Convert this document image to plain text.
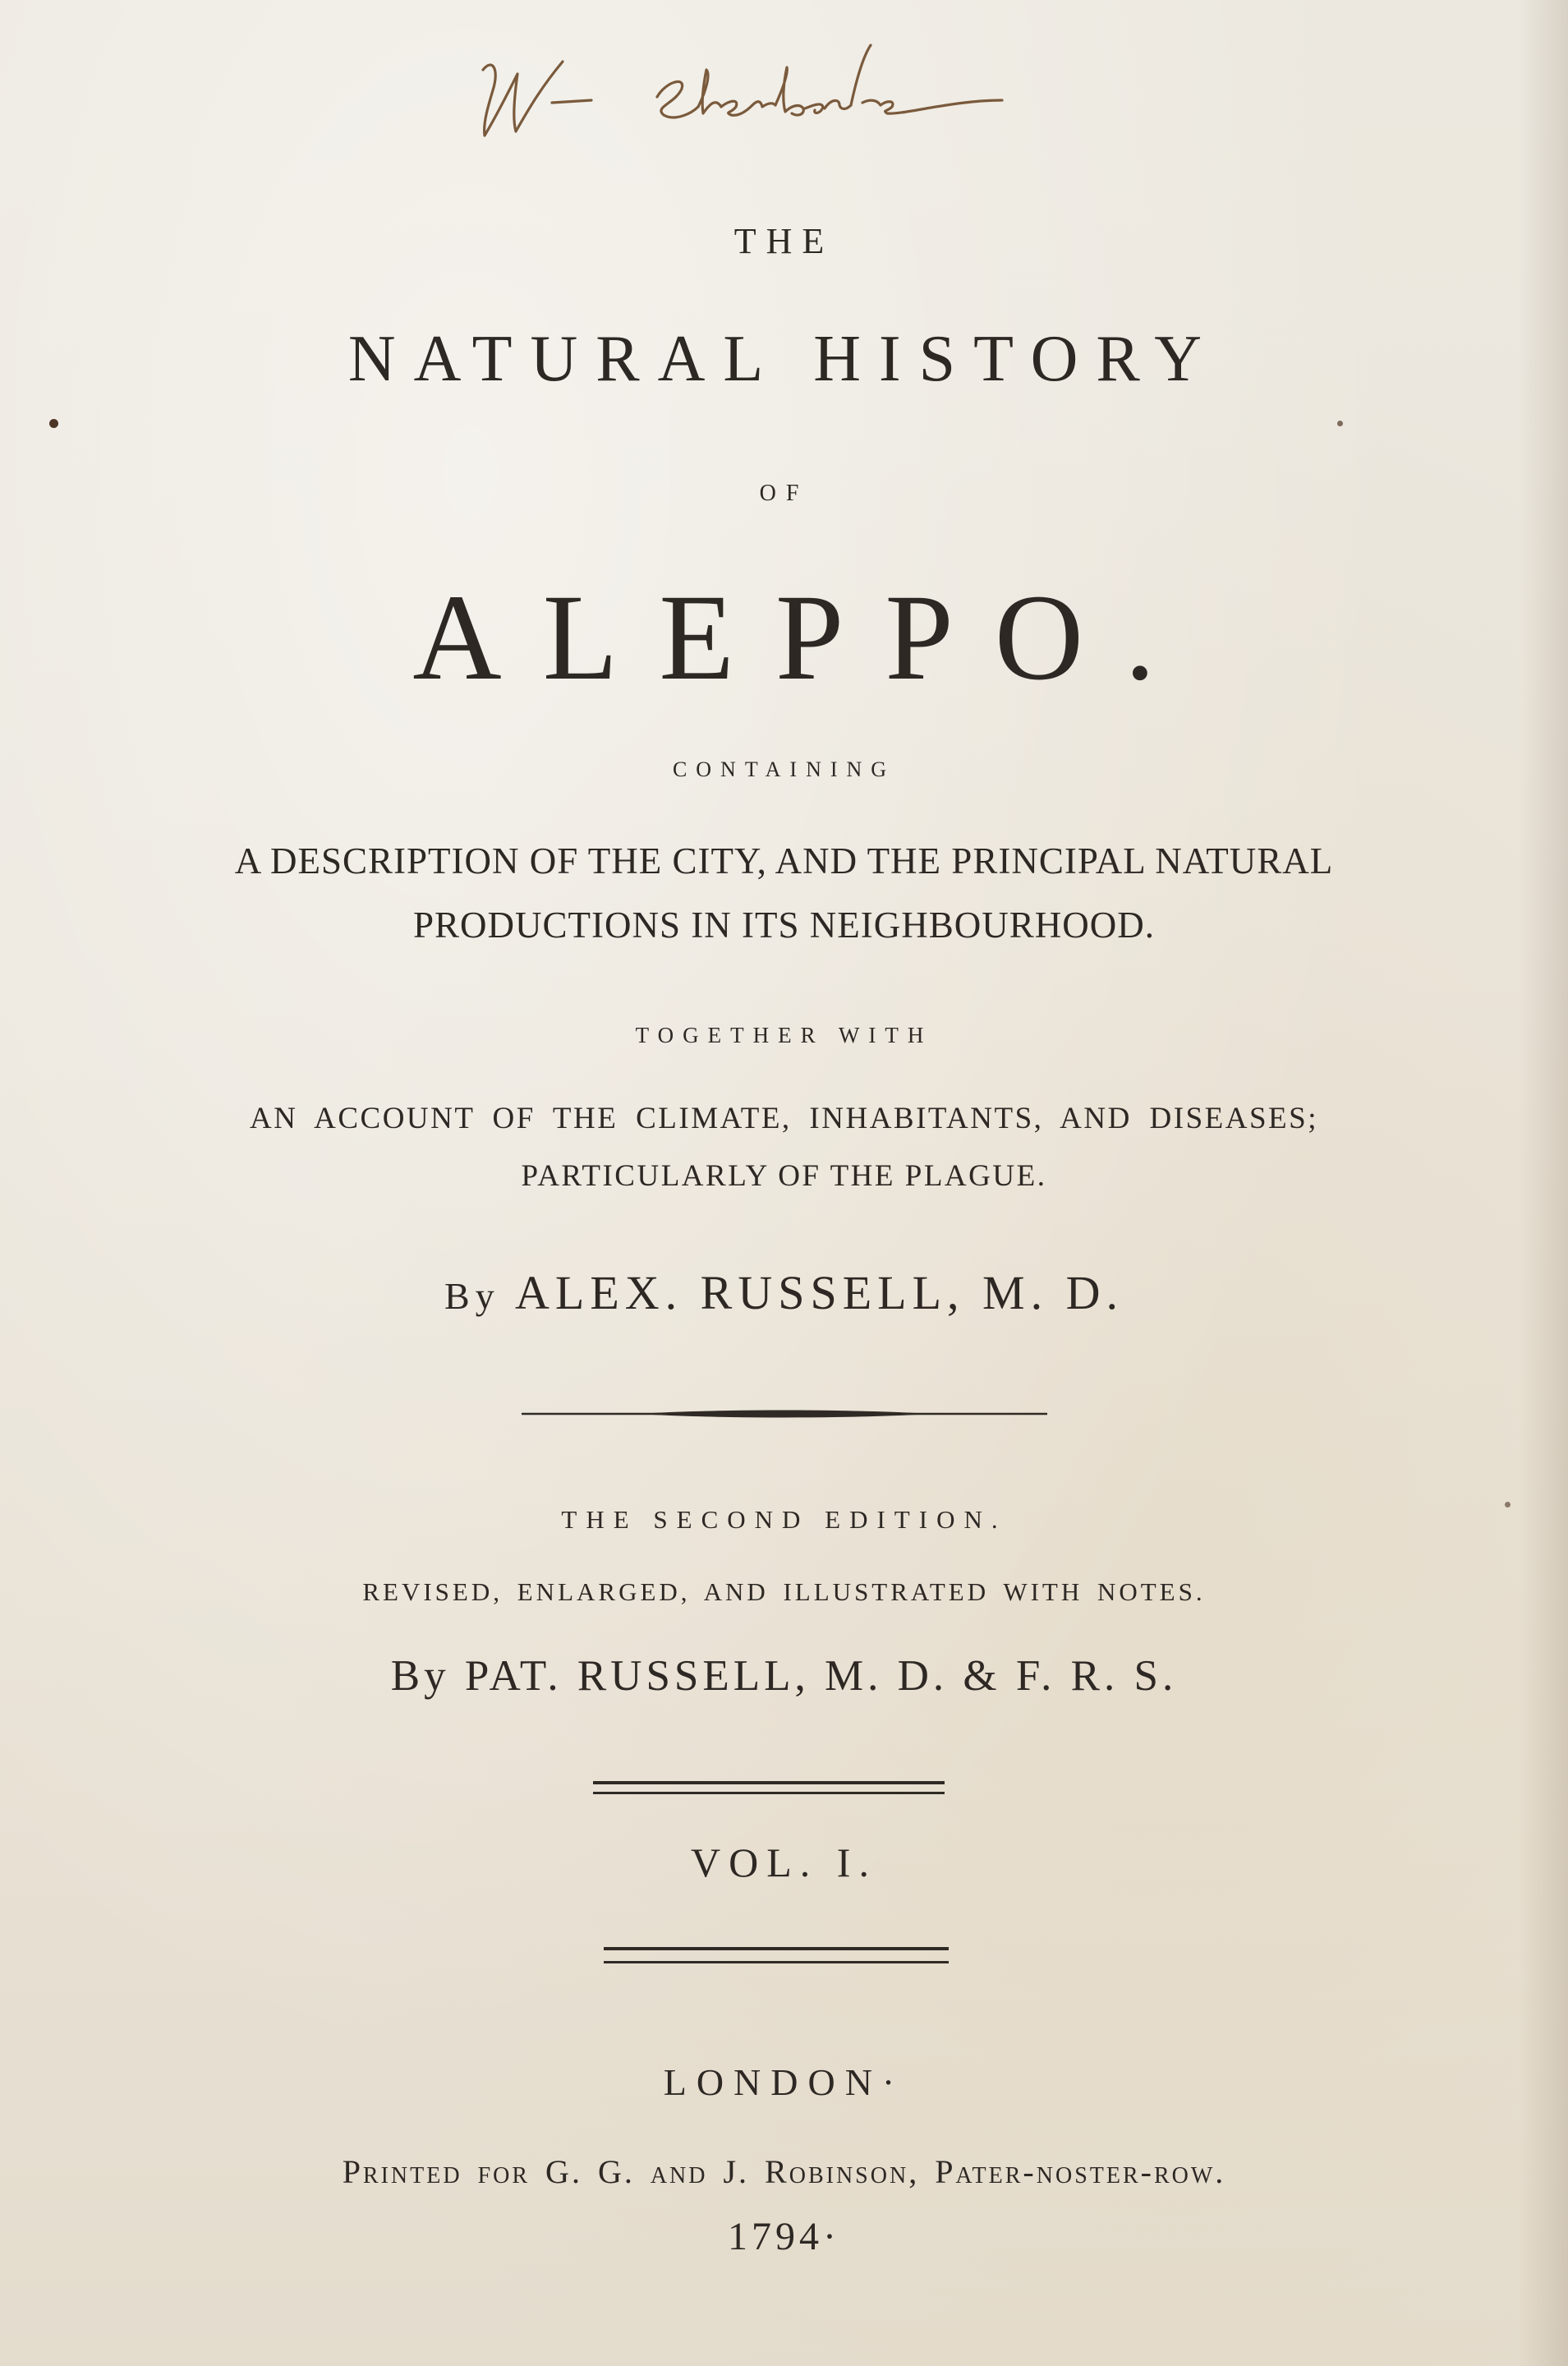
THE
NATURAL HISTORY
OF
ALEPPO.
CONTAINING
A DESCRIPTION OF THE CITY, AND THE PRINCIPAL NATURAL
PRODUCTIONS IN ITS NEIGHBOURHOOD.
TOGETHER WITH
AN ACCOUNT OF THE CLIMATE, INHABITANTS, AND DISEASES;
PARTICULARLY OF THE PLAGUE.
By ALEX. RUSSELL, M. D.
THE SECOND EDITION.
REVISED, ENLARGED, AND ILLUSTRATED WITH NOTES.
By PAT. RUSSELL, M. D. & F. R. S.
VOL. I.
LONDON·
Printed for G. G. and J. Robinson, Pater-noster-row.
1794·
